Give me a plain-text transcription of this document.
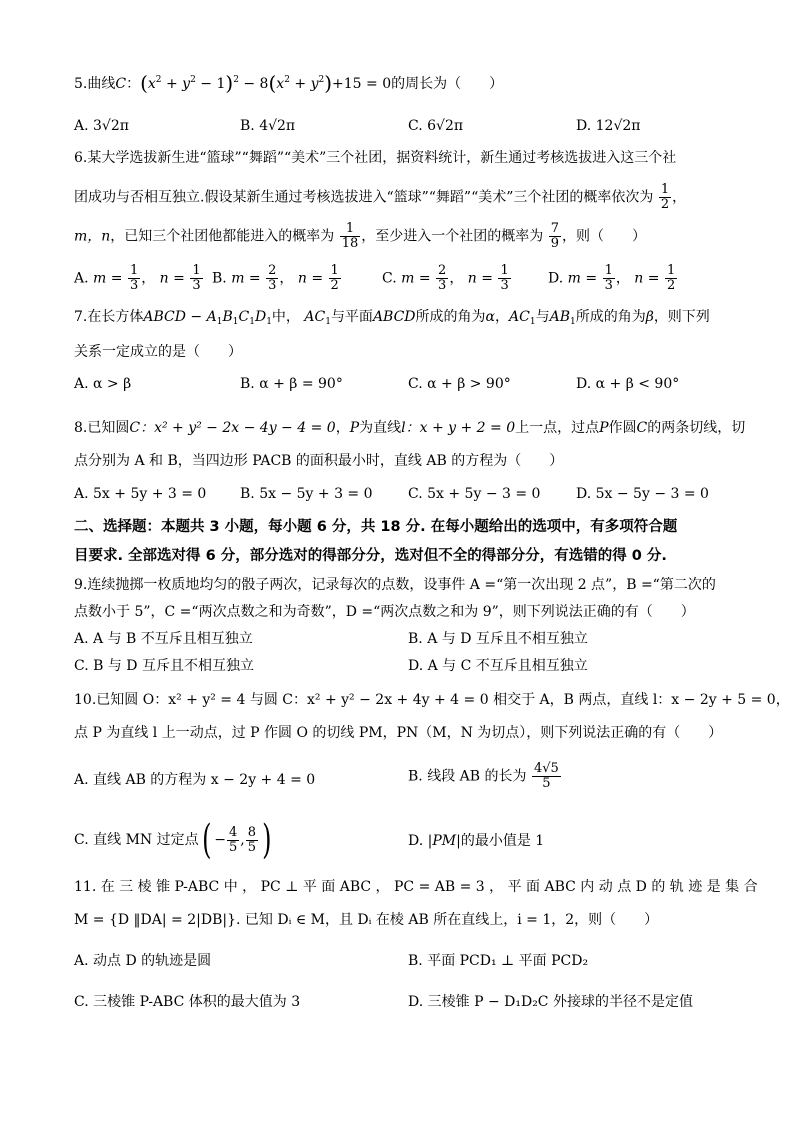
5.曲线C：$(x^2 + y^2 - 1)^2 - 8(x^2 + y^2)+15 = 0$的周长为（　　）
A. 3√2π	B. 4√2π	C. 6√2π	D. 12√2π
6.某大学选拔新生进“篮球”“舞蹈”“美术”三个社团，据资料统计，新生通过考核选拔进入这三个社
团成功与否相互独立.假设某新生通过考核选拔进入“篮球”“舞蹈”“美术”三个社团的概率依次为 $\frac{1}{2}$ ，
m，n，已知三个社团他都能进入的概率为 $\frac{1}{18}$ ，至少进入一个社团的概率为 $\frac{7}{9}$ ，则（　　）
A. $m = \frac{1}{3}$ ， $n = \frac{1}{3} B$. $m = \frac{2}{3}$ ， $n = \frac{1}{2}$	C. $m = \frac{2}{3}$ ， $n = \frac{1}{3}$	D. $m = \frac{1}{3}$ ， $n = \frac{1}{2}$
7.在长方体ABCD − $A_1B_1C_1D_1$中， $AC_1$与平面ABCD所成的角为α，$AC_1$与$AB_1$所成的角为β，则下列
关系一定成立的是（　　）
A. α > β	B. α + β = 90°	C. α + β > 90°	D. α + β < 90°
8.已知圆C：x² + y² − 2x − 4y − 4 = 0，P为直线l：x + y + 2 = 0上一点，过点P作圆C的两条切线，切
点分别为 A 和 B，当四边形 PACB 的面积最小时，直线 AB 的方程为（　　）
A. 5x + 5y + 3 = 0 B. 5x − 5y + 3 = 0	C. 5x + 5y − 3 = 0	D. 5x − 5y − 3 = 0
二、选择题：本题共 3 小题，每小题 6 分，共 18 分. 在每小题给出的选项中，有多项符合题
目要求. 全部选对得 6 分，部分选对的得部分分，选对但不全的得部分分，有选错的得 0 分.
9.连续抛掷一枚质地均匀的骰子两次，记录每次的点数，设事件 A =“第一次出现 2 点”，B =“第二次的
点数小于 5”，C =“两次点数之和为奇数”，D =“两次点数之和为 9”，则下列说法正确的有（　　）
A. A 与 B 不互斥且相互独立	B. A 与 D 互斥且不相互独立
C. B 与 D 互斥且不相互独立	D. A 与 C 不互斥且相互独立
10.已知圆 O：x² + y² = 4 与圆 C：x² + y² − 2x + 4y + 4 = 0 相交于 A，B 两点，直线 l：x − 2y + 5 = 0，
点 P 为直线 l 上一动点，过 P 作圆 O 的切线 PM，PN（M，N 为切点），则下列说法正确的有（　　）
A. 直线 AB 的方程为 x − 2y + 4 = 0	B. 线段 AB 的长为 $\frac{4√5}{5}$
C. 直线 MN 过定点( − $\frac{4}{5}$ , $\frac{8}{5}$ )	D. |PM|的最小值是 1
11. 在 三 棱 锥 P-ABC 中 ， PC ⊥ 平 面 ABC ， PC = AB = 3 ， 平 面 ABC 内 动 点 D 的 轨 迹 是 集 合
M = {D ‖DA| = 2|DB|}. 已知 Dᵢ ∈ M，且 Dᵢ 在棱 AB 所在直线上，i = 1，2，则（　　）
A. 动点 D 的轨迹是圆	B. 平面 PCD₁ ⊥ 平面 PCD₂
C. 三棱锥 P-ABC 体积的最大值为 3	D. 三棱锥 P − D₁D₂C 外接球的半径不是定值
